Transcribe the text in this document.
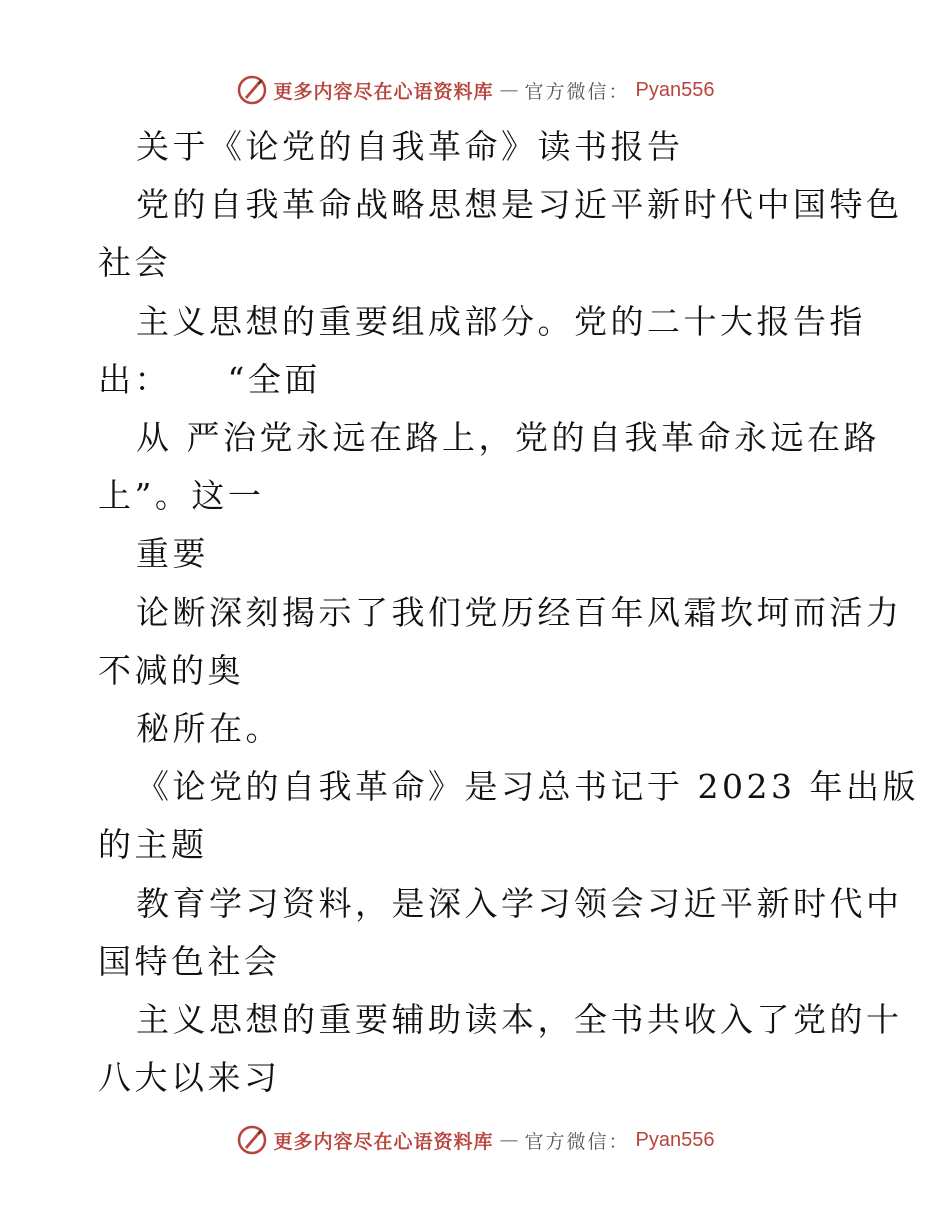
更多内容尽在心语资料库 — 官方微信： Pyan556
关于《论党的自我革命》读书报告
党的自我革命战略思想是习近平新时代中国特色
社会
主义思想的重要组成部分。党的二十大报告指
出：　　“全面
从 严治党永远在路上，党的自我革命永远在路
上”。这一
重要
论断深刻揭示了我们党历经百年风霜坎坷而活力
不减的奥
秘所在。
《论党的自我革命》是习总书记于 2023 年出版
的主题
教育学习资料，是深入学习领会习近平新时代中
国特色社会
主义思想的重要辅助读本，全书共收入了党的十
八大以来习
更多内容尽在心语资料库 — 官方微信： Pyan556
